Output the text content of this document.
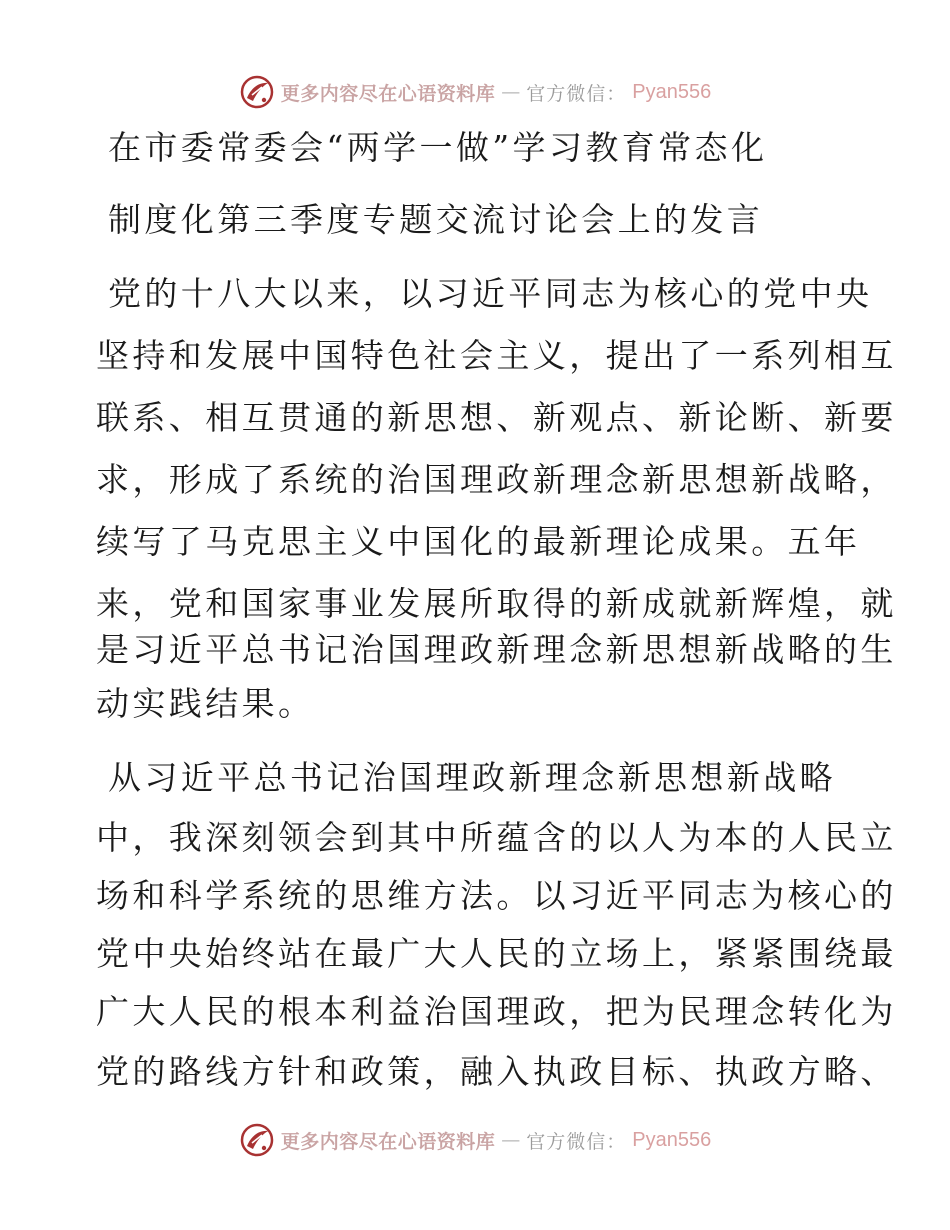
更多内容尽在心语资料库 — 官方微信： Pyan556
在市委常委会“两学一做”学习教育常态化
制度化第三季度专题交流讨论会上的发言

党的十八大以来，以习近平同志为核心的党中央

坚持和发展中国特色社会主义，提出了一系列相互

联系、相互贯通的新思想、新观点、新论断、新要

求，形成了系统的治国理政新理念新思想新战略，

续写了马克思主义中国化的最新理论成果。五年

来，党和国家事业发展所取得的新成就新辉煌，就

是习近平总书记治国理政新理念新思想新战略的生

动实践结果。

从习近平总书记治国理政新理念新思想新战略

中，我深刻领会到其中所蕴含的以人为本的人民立

场和科学系统的思维方法。以习近平同志为核心的

党中央始终站在最广大人民的立场上，紧紧围绕最

广大人民的根本利益治国理政，把为民理念转化为

党的路线方针和政策，融入执政目标、执政方略、

更多内容尽在心语资料库 — 官方微信： Pyan556
